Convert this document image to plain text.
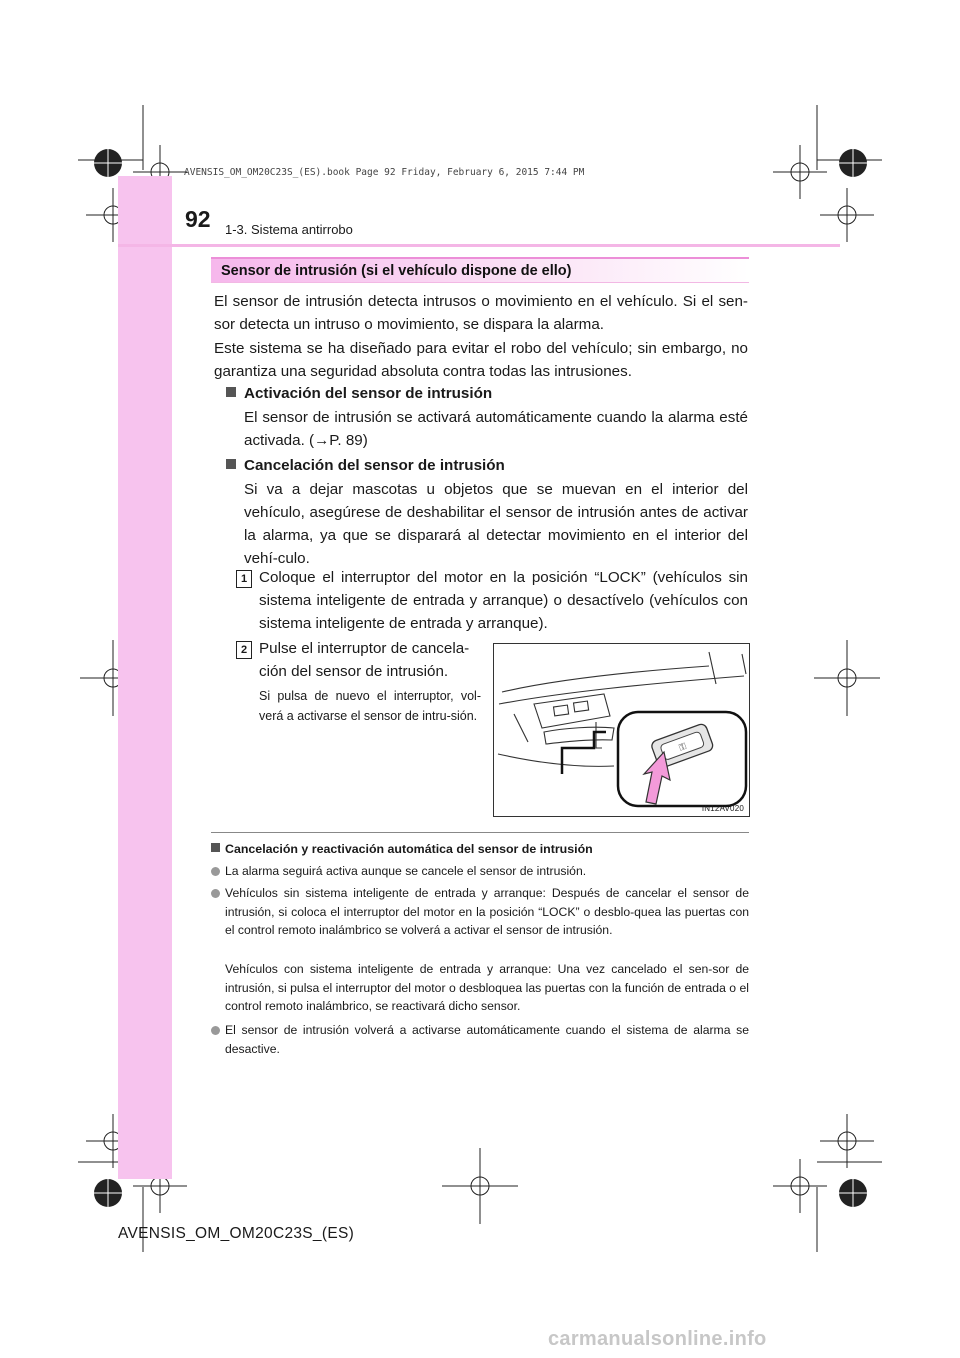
AVENSIS_OM_OM20C23S_(ES).book Page 92 Friday, February 6, 2015 7:44 PM
92 1-3. Sistema antirrobo
Sensor de intrusión (si el vehículo dispone de ello)
El sensor de intrusión detecta intrusos o movimiento en el vehículo. Si el sen-sor detecta un intruso o movimiento, se dispara la alarma.
Este sistema se ha diseñado para evitar el robo del vehículo; sin embargo, no garantiza una seguridad absoluta contra todas las intrusiones.
Activación del sensor de intrusión
El sensor de intrusión se activará automáticamente cuando la alarma esté activada. (→P. 89)
Cancelación del sensor de intrusión
Si va a dejar mascotas u objetos que se muevan en el interior del vehículo, asegúrese de deshabilitar el sensor de intrusión antes de activar la alarma, ya que se disparará al detectar movimiento en el interior del vehí-culo.
1 Coloque el interruptor del motor en la posición “LOCK” (vehículos sin sistema inteligente de entrada y arranque) o desactívelo (vehículos con sistema inteligente de entrada y arranque).
2 Pulse el interruptor de cancela-ción del sensor de intrusión.
Si pulsa de nuevo el interruptor, vol-verá a activarse el sensor de intru-sión.
⚿
IN12AV020
Cancelación y reactivación automática del sensor de intrusión
La alarma seguirá activa aunque se cancele el sensor de intrusión.
Vehículos sin sistema inteligente de entrada y arranque: Después de cancelar el sensor de intrusión, si coloca el interruptor del motor en la posición “LOCK” o desblo-quea las puertas con el control remoto inalámbrico se volverá a activar el sensor de intrusión.
Vehículos con sistema inteligente de entrada y arranque: Una vez cancelado el sen-sor de intrusión, si pulsa el interruptor del motor o desbloquea las puertas con la función de entrada o el control remoto inalámbrico, se reactivará dicho sensor.
El sensor de intrusión volverá a activarse automáticamente cuando el sistema de alarma se desactive.
AVENSIS_OM_OM20C23S_(ES)
carmanualsonline.info
